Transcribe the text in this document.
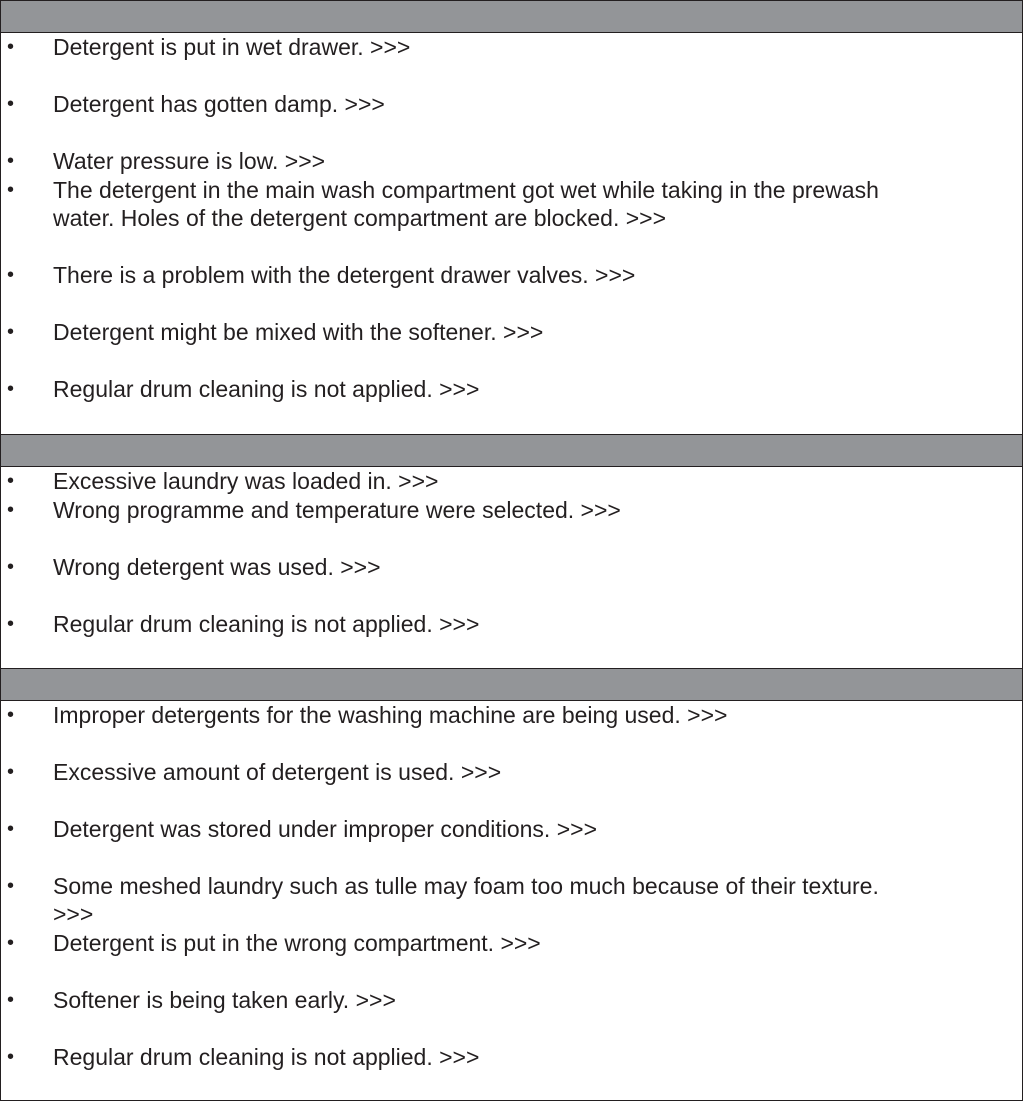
• Detergent is put in wet drawer. >>>
• Detergent has gotten damp. >>>
• Water pressure is low. >>>
• The detergent in the main wash compartment got wet while taking in the prewash
water. Holes of the detergent compartment are blocked. >>>
• There is a problem with the detergent drawer valves. >>>
• Detergent might be mixed with the softener. >>>
• Regular drum cleaning is not applied. >>>
• Excessive laundry was loaded in. >>>
• Wrong programme and temperature were selected. >>>
• Wrong detergent was used. >>>
• Regular drum cleaning is not applied. >>>
• Improper detergents for the washing machine are being used. >>>
• Excessive amount of detergent is used. >>>
• Detergent was stored under improper conditions. >>>
• Some meshed laundry such as tulle may foam too much because of their texture.
>>>
• Detergent is put in the wrong compartment. >>>
• Softener is being taken early. >>>
• Regular drum cleaning is not applied. >>>
